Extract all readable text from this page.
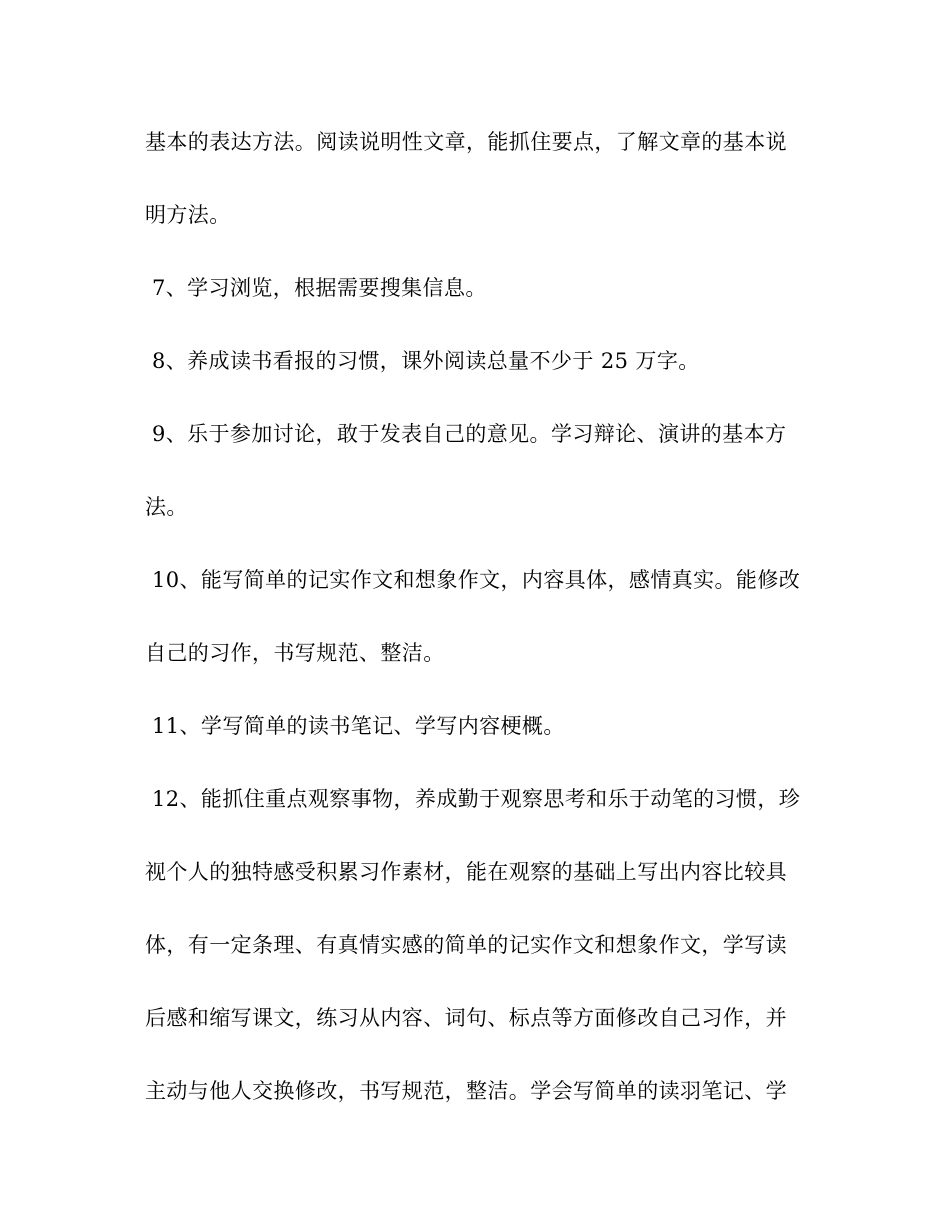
基本的表达方法。阅读说明性文章，能抓住要点，了解文章的基本说
明方法。
7、学习浏览，根据需要搜集信息。
8、养成读书看报的习惯，课外阅读总量不少于 25 万字。
9、乐于参加讨论，敢于发表自己的意见。学习辩论、演讲的基本方
法。
10、能写简单的记实作文和想象作文，内容具体，感情真实。能修改
自己的习作，书写规范、整洁。
11、学写简单的读书笔记、学写内容梗概。
12、能抓住重点观察事物，养成勤于观察思考和乐于动笔的习惯，珍
视个人的独特感受积累习作素材，能在观察的基础上写出内容比较具
体，有一定条理、有真情实感的简单的记实作文和想象作文，学写读
后感和缩写课文，练习从内容、词句、标点等方面修改自己习作，并
主动与他人交换修改，书写规范，整洁。学会写简单的读羽笔记、学
